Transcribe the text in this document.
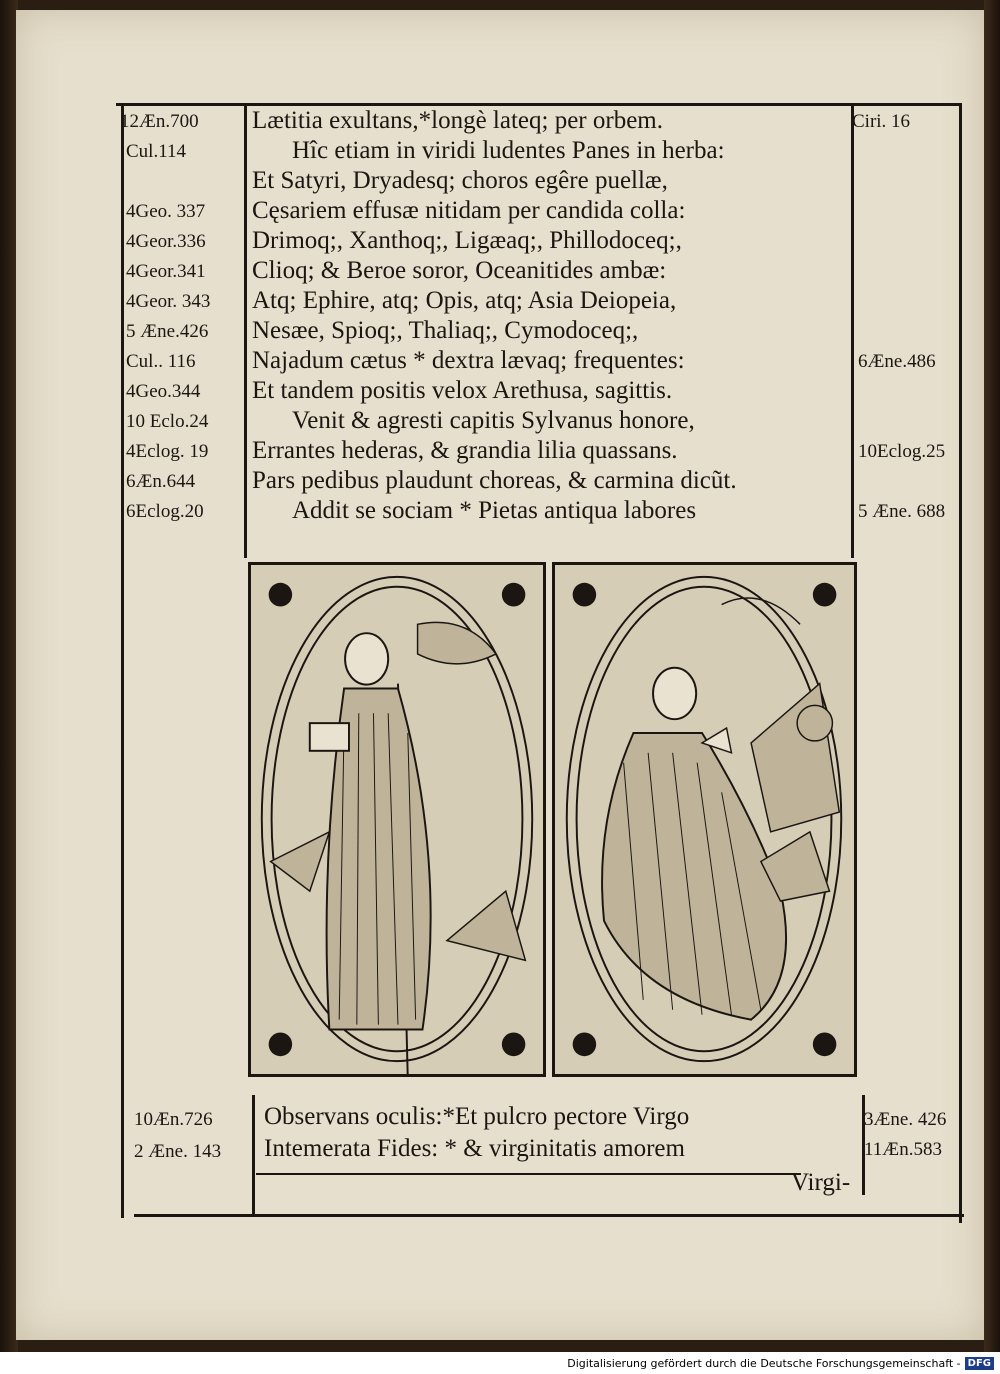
Lætitia exultans,*longè lateq; per orbem.
Hîc etiam in viridi ludentes Panes in herba:
Et Satyri, Dryadesq; choros egêre puellæ,
Cęsariem effusæ nitidam per candida colla:
Drimoq;, Xanthoq;, Ligæaq;, Phillodoceq;,
Clioq; & Beroe soror, Oceanitides ambæ:
Atq; Ephire, atq; Opis, atq; Asia Deiopeia,
Nesæe, Spioq;, Thaliaq;, Cymodoceq;,
Najadum cætus * dextra lævaq; frequentes:
Et tandem positis velox Arethusa, sagittis.
Venit & agresti capitis Sylvanus honore,
Errantes hederas, & grandia lilia quassans.
Pars pedibus plaudunt choreas, & carmina dicũt.
Addit se sociam * Pietas antiqua labores
12Æn.700
Cul.114
4Geo. 337
4Geor.336
4Geor.341
4Geor. 343
5 Æne.426
Cul.. 116
4Geo.344
10 Eclo.24
4Eclog. 19
6Æn.644
6Eclog.20
Ciri. 16
6Æne.486
10Eclog.25
5 Æne. 688
Observans oculis:*Et pulcro pectore Virgo
Intemerata Fides: * & virginitatis amorem
10Æn.726
2 Æne. 143
3Æne. 426
11Æn.583
Virgi-
Digitalisierung gefördert durch die Deutsche Forschungsgemeinschaft - DFG
